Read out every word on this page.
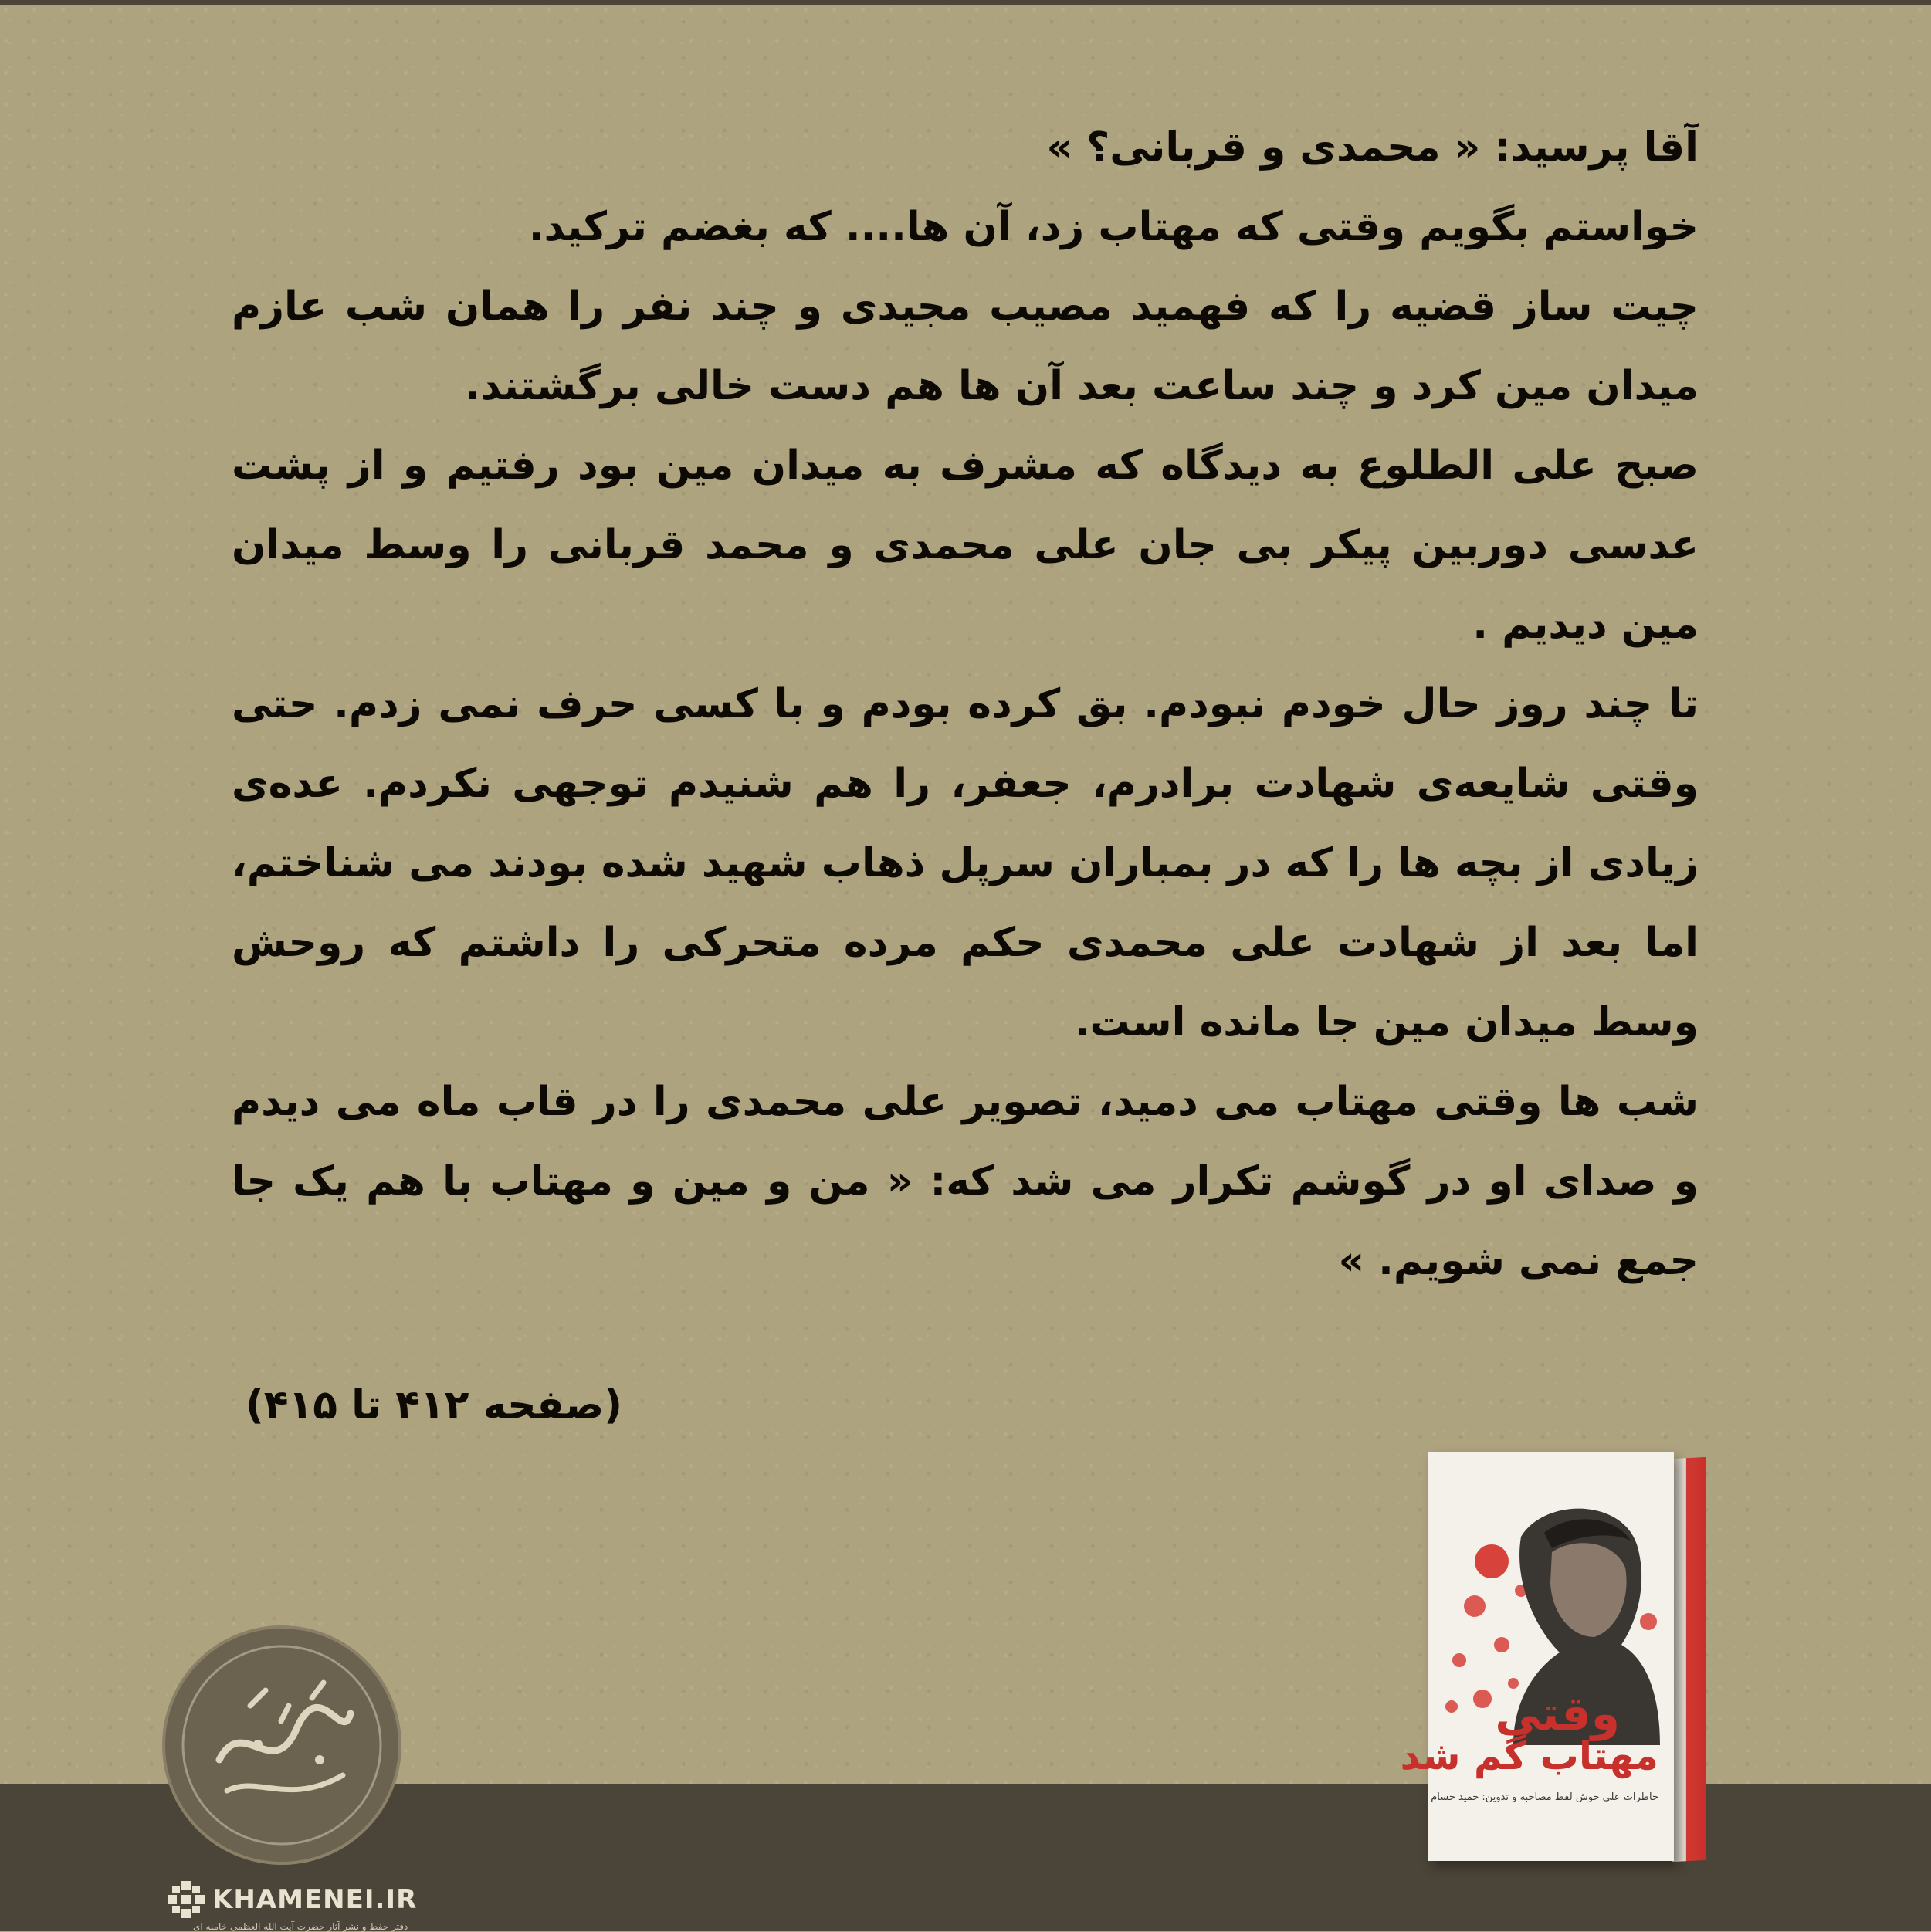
آقا پرسید: « محمدی و قربانی؟ »

خواستم بگویم وقتی که مهتاب زد، آن ها.... که بغضم ترکید.

چیت ساز قضیه را که فهمید مصیب مجیدی و چند نفر را همان شب عازم میدان مین کرد و چند ساعت بعد آن ها هم دست خالی برگشتند.

صبح علی الطلوع به دیدگاه که مشرف به میدان مین بود رفتیم و از پشت عدسی دوربین پیکر بی جان علی محمدی و محمد قربانی را وسط میدان مین دیدیم .

تا چند روز حال خودم نبودم. بق کرده بودم و با کسی حرف نمی زدم. حتی وقتی شایعه‌ی شهادت برادرم، جعفر، را هم شنیدم توجهی نکردم. عده‌ی زیادی از بچه ها را که در بمباران سرپل ذهاب شهید شده بودند می شناختم، اما بعد از شهادت علی محمدی حکم مرده متحرکی را داشتم که روحش وسط میدان مین جا مانده است.

شب ها وقتی مهتاب می دمید، تصویر علی محمدی را در قاب ماه می دیدم و صدای او در گوشم تکرار می شد که: « من و مین و مهتاب با هم یک جا جمع نمی شویم. »

(صفحه ۴۱۲ تا ۴۱۵)
KHAMENEI.IR
دفتر حفظ و نشر آثار حضرت آیت الله العظمی خامنه ای
وقتی
مهتاب گم شد
خاطرات علی خوش لفظ مصاحبه و تدوین: حمید حسام
